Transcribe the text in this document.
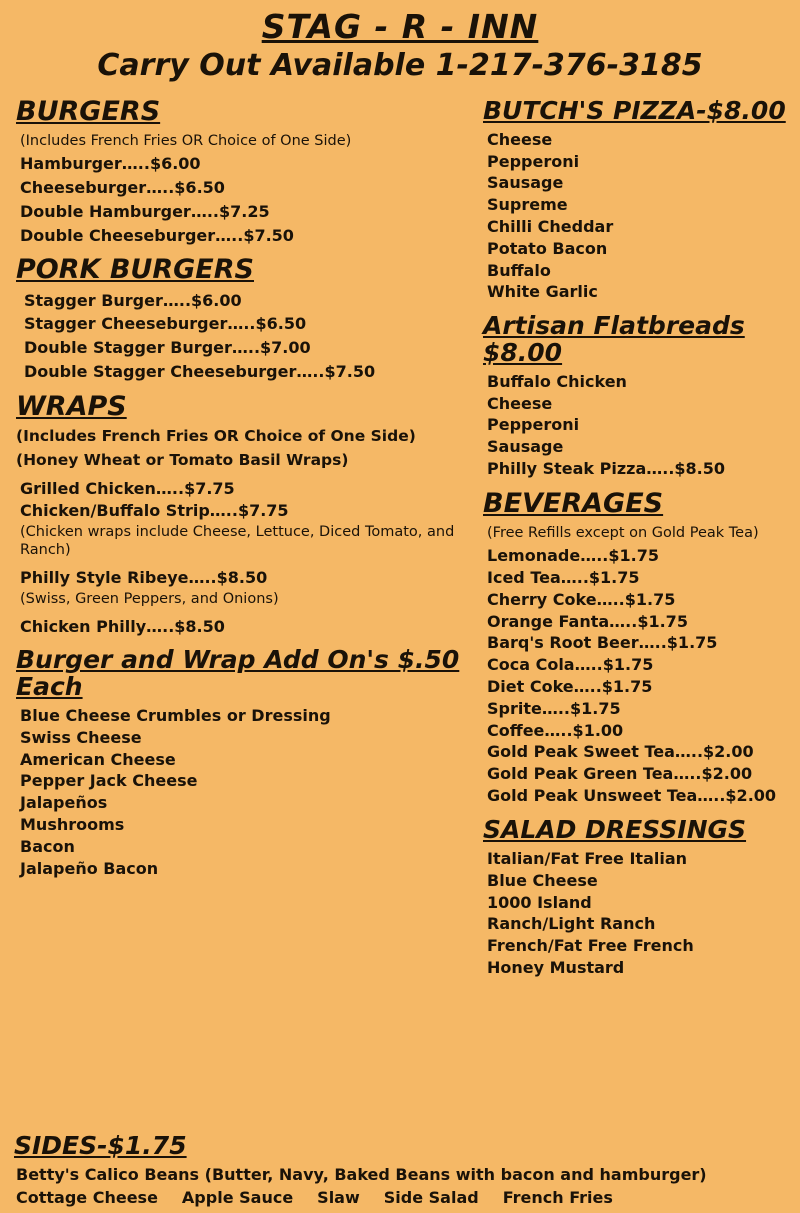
STAG - R - INN
Carry Out Available 1-217-376-3185
BURGERS
(Includes French Fries OR Choice of One Side)
Hamburger…..$6.00
Cheeseburger…..$6.50
Double Hamburger…..$7.25
Double Cheeseburger…..$7.50
PORK BURGERS
Stagger Burger…..$6.00
Stagger Cheeseburger…..$6.50
Double Stagger Burger…..$7.00
Double Stagger Cheeseburger…..$7.50
WRAPS
(Includes French Fries OR Choice of One Side)
(Honey Wheat or Tomato Basil Wraps)
Grilled Chicken…..$7.75
Chicken/Buffalo Strip…..$7.75
(Chicken wraps include Cheese, Lettuce, Diced Tomato, and Ranch)
Philly Style Ribeye…..$8.50
(Swiss, Green Peppers, and Onions)
Chicken Philly…..$8.50
Burger and Wrap Add On's $.50 Each
Blue Cheese Crumbles or Dressing
Swiss Cheese
American Cheese
Pepper Jack Cheese
Jalapeños
Mushrooms
Bacon
Jalapeño Bacon
BUTCH'S PIZZA-$8.00
Cheese
Pepperoni
Sausage
Supreme
Chilli Cheddar
Potato Bacon
Buffalo
White Garlic
Artisan Flatbreads $8.00
Buffalo Chicken
Cheese
Pepperoni
Sausage
Philly Steak Pizza…..$8.50
BEVERAGES
(Free Refills except on Gold Peak Tea)
Lemonade…..$1.75
Iced Tea…..$1.75
Cherry Coke…..$1.75
Orange Fanta…..$1.75
Barq's Root Beer…..$1.75
Coca Cola…..$1.75
Diet Coke…..$1.75
Sprite…..$1.75
Coffee…..$1.00
Gold Peak Sweet Tea…..$2.00
Gold Peak Green Tea…..$2.00
Gold Peak Unsweet Tea…..$2.00
SALAD DRESSINGS
Italian/Fat Free Italian
Blue Cheese
1000 Island
Ranch/Light Ranch
French/Fat Free French
Honey Mustard
SIDES-$1.75
Betty's Calico Beans (Butter, Navy, Baked Beans with bacon and hamburger)
Cottage Cheese Apple Sauce Slaw Side Salad French Fries
